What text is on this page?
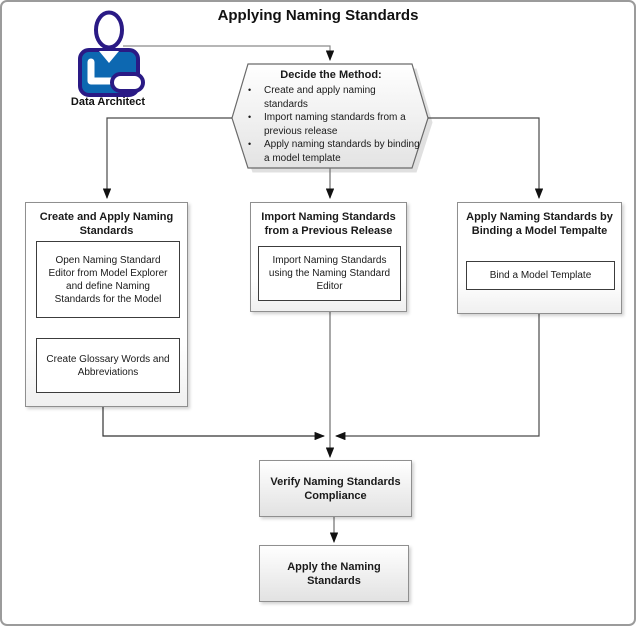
Applying Naming Standards
Data Architect
Decide the Method:
•	Create and apply naming standards
•	Import naming standards from a previous release
•	Apply naming standards by binding a model template
Create and Apply Naming Standards
Open Naming Standard Editor from Model Explorer and define Naming Standards for the Model
Create Glossary Words and Abbreviations
Import Naming Standards from a Previous Release
Import Naming Standards using the Naming Standard Editor
Apply Naming Standards by Binding a Model Tempalte
Bind a Model Template
Verify Naming Standards Compliance
Apply the Naming Standards
